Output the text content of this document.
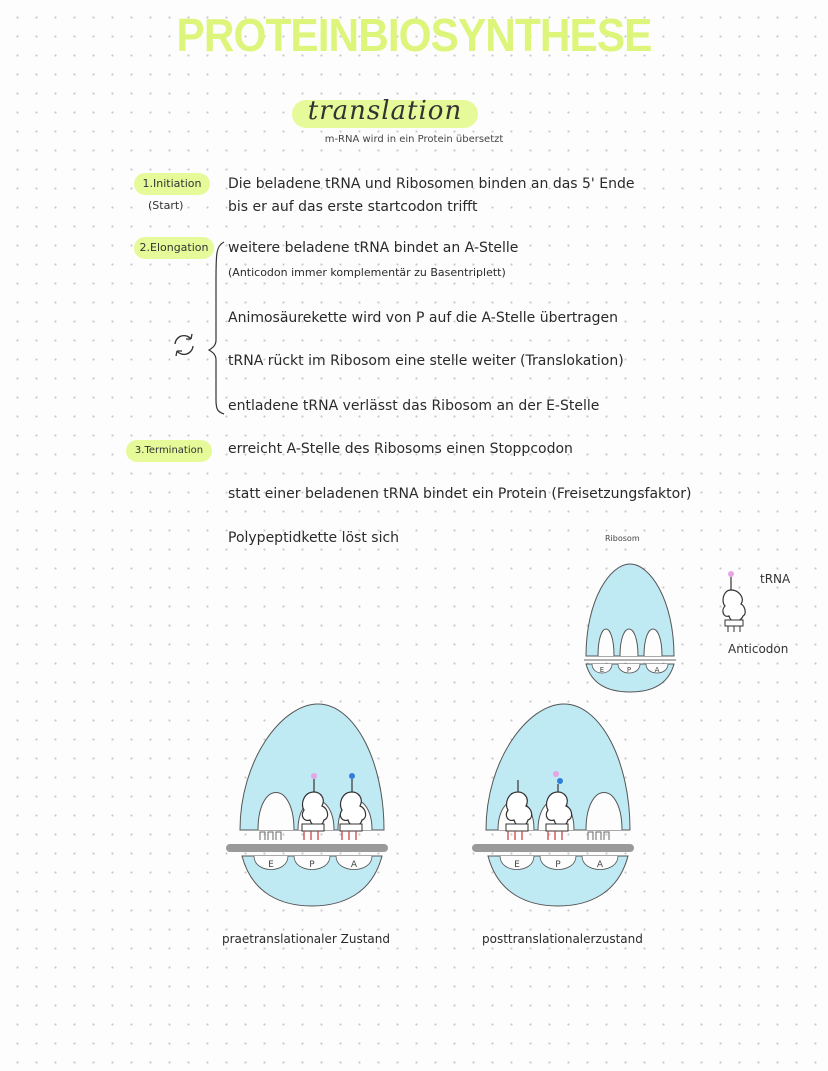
PROTEINBIOSYNTHESE
translation
m-RNA wird in ein Protein übersetzt
1.Initiation
(Start)
Die beladene tRNA und Ribosomen binden an das 5' Ende
bis er auf das erste startcodon trifft
2.Elongation	weitere beladene tRNA bindet an A-Stelle
(Anticodon immer komplementär zu Basentriplett)
Animosäurekette wird von P auf die A-Stelle übertragen
tRNA rückt im Ribosom eine stelle weiter (Translokation)
entladene tRNA verlässt das Ribosom an der E-Stelle
3.Termination	erreicht A-Stelle des Ribosoms einen Stoppcodon
statt einer beladenen tRNA bindet ein Protein (Freisetzungsfaktor)
Polypeptidkette löst sich	Ribosom
E	P	A
tRNA
Anticodon
E	P	A
praetranslationaler Zustand
E	P	A
posttranslationalerzustand
